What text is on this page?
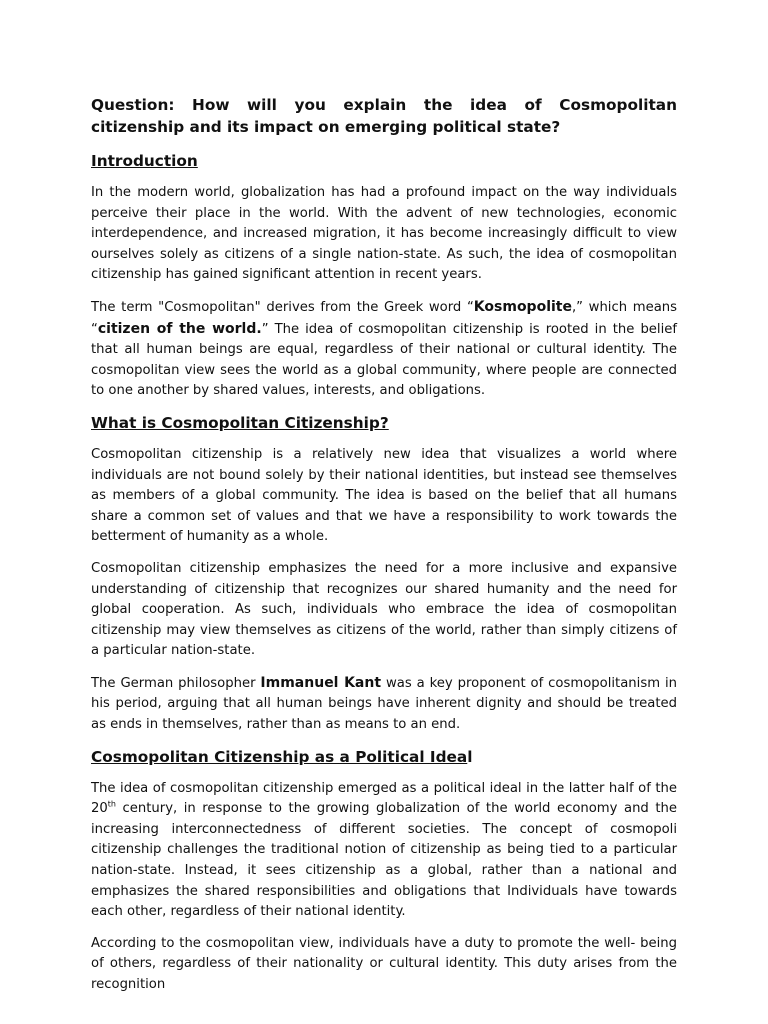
Question: How will you explain the idea of Cosmopolitan citizenship and its impact on emerging political state?
Introduction

In the modern world, globalization has had a profound impact on the way individuals perceive their place in the world. With the advent of new technologies, economic interdependence, and increased migration, it has become increasingly difficult to view ourselves solely as citizens of a single nation-state. As such, the idea of cosmopolitan citizenship has gained significant attention in recent years.

The term "Cosmopolitan" derives from the Greek word “Kosmopolite,” which means “citizen of the world.” The idea of cosmopolitan citizenship is rooted in the belief that all human beings are equal, regardless of their national or cultural identity. The cosmopolitan view sees the world as a global community, where people are connected to one another by shared values, interests, and obligations.

What is Cosmopolitan Citizenship?

Cosmopolitan citizenship is a relatively new idea that visualizes a world where individuals are not bound solely by their national identities, but instead see themselves as members of a global community. The idea is based on the belief that all humans share a common set of values and that we have a responsibility to work towards the betterment of humanity as a whole.

Cosmopolitan citizenship emphasizes the need for a more inclusive and expansive understanding of citizenship that recognizes our shared humanity and the need for global cooperation. As such, individuals who embrace the idea of cosmopolitan citizenship may view themselves as citizens of the world, rather than simply citizens of a particular nation-state.

The German philosopher Immanuel Kant was a key proponent of cosmopolitanism in his period, arguing that all human beings have inherent dignity and should be treated as ends in themselves, rather than as means to an end.

Cosmopolitan Citizenship as a Political Ideal

The idea of cosmopolitan citizenship emerged as a political ideal in the latter half of the 20th century, in response to the growing globalization of the world economy and the increasing interconnectedness of different societies. The concept of cosmopoli citizenship challenges the traditional notion of citizenship as being tied to a particular nation-state. Instead, it sees citizenship as a global, rather than a national and emphasizes the shared responsibilities and obligations that Individuals have towards each other, regardless of their national identity.

According to the cosmopolitan view, individuals have a duty to promote the well- being of others, regardless of their nationality or cultural identity. This duty arises from the recognition
